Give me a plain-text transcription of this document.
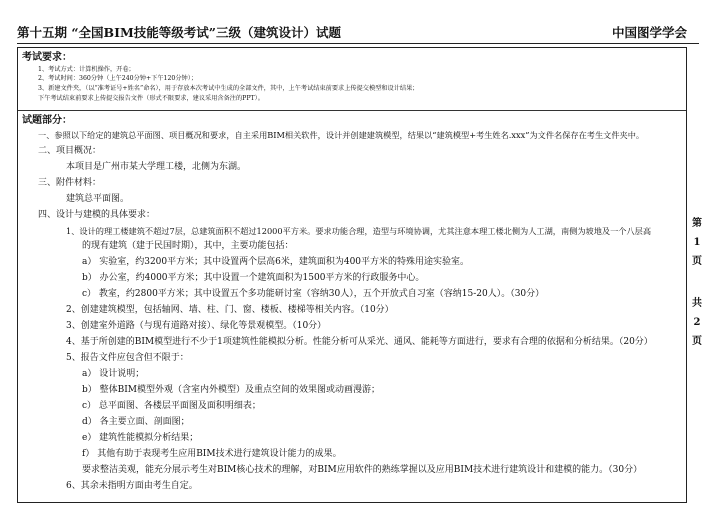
第十五期 “全国BIM技能等级考试”三级（建筑设计）试题	中国图学学会
考试要求：
1、考试方式：计算机操作，开卷；
2、考试时间：360分钟（上午240分钟+下午120分钟）；
3、新建文件夹，（以“准考证号+姓名”命名），用于存放本次考试中生成的全部文件，其中，上午考试结束前要求上传提交模型和设计结果；
下午考试结束前要求上传提交报告文件（形式不限要求，建议采用含备注的PPT）。
试题部分：
一、参照以下给定的建筑总平面图、项目概况和要求，自主采用BIM相关软件，设计并创建建筑模型，结果以“建筑模型+考生姓名.xxx”为文件名保存在考生文件夹中。
二、项目概况：
本项目是广州市某大学理工楼，北侧为东湖。
三、附件材料：
建筑总平面图。
四、设计与建模的具体要求：
1、设计的理工楼建筑不超过7层，总建筑面积不超过12000平方米。要求功能合理，造型与环境协调，尤其注意本理工楼北侧为人工湖，南侧为坡地及一个八层高
的现有建筑（建于民国时期），其中，主要功能包括：
a） 实验室，约3200平方米；其中设置两个层高6米，建筑面积为400平方米的特殊用途实验室。
b） 办公室，约4000平方米；其中设置一个建筑面积为1500平方米的行政服务中心。
c） 教室，约2800平方米；其中设置五个多功能研讨室（容纳30人），五个开放式自习室（容纳15-20人）。（30分）
2、创建建筑模型，包括轴网、墙、柱、门、窗、楼板、楼梯等相关内容。（10分）
3、创建室外道路（与现有道路对接）、绿化等景观模型。（10分）
4、基于所创建的BIM模型进行不少于1项建筑性能模拟分析。性能分析可从采光、通风、能耗等方面进行，要求有合理的依据和分析结果。（20分）
5、报告文件应包含但不限于：
a） 设计说明；
b） 整体BIM模型外观（含室内外模型）及重点空间的效果图或动画漫游；
c） 总平面图、各楼层平面图及面积明细表；
d） 各主要立面、剖面图；
e） 建筑性能模拟分析结果；
f） 其他有助于表现考生应用BIM技术进行建筑设计能力的成果。
要求整洁美观，能充分展示考生对BIM核心技术的理解，对BIM应用软件的熟练掌握以及应用BIM技术进行建筑设计和建模的能力。（30分）
6、其余未指明方面由考生自定。
第
1
页
共
2
页
